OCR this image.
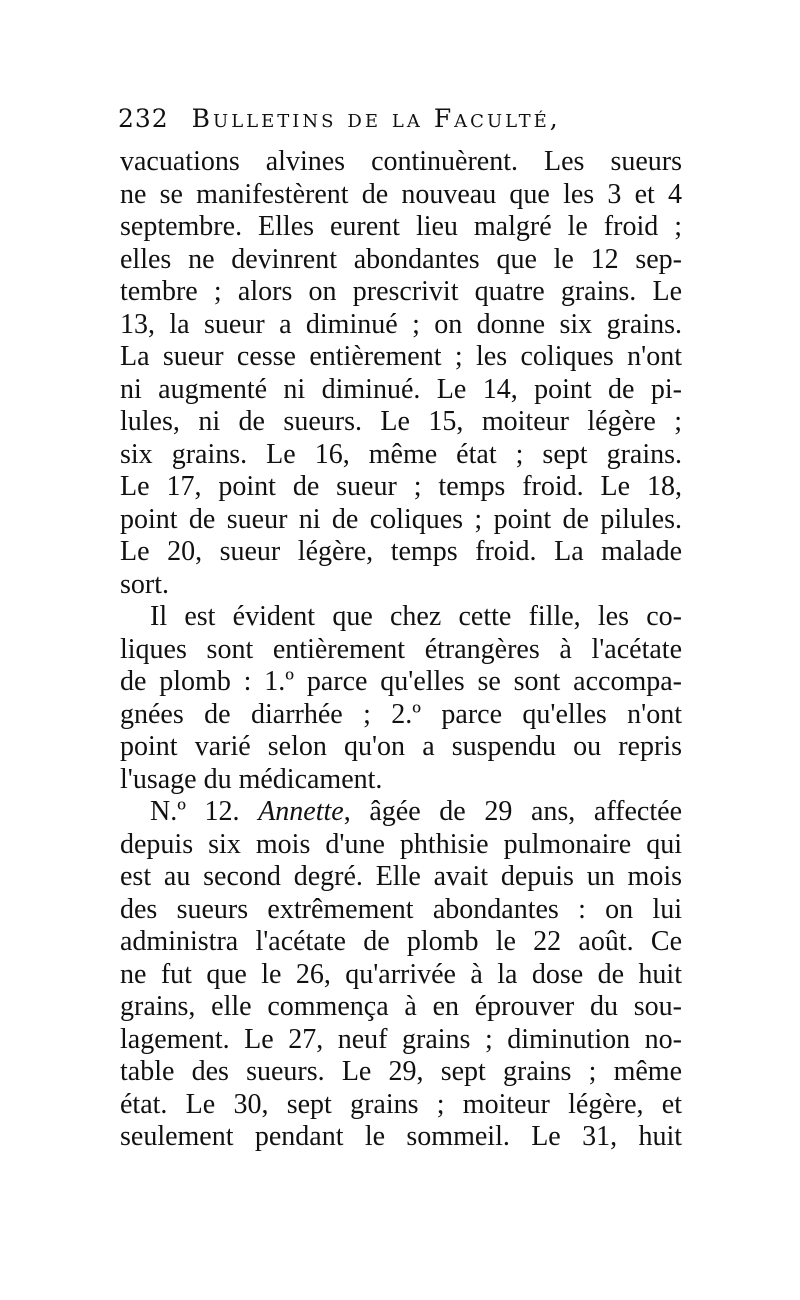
232 Bulletins de la Faculté,
vacuations alvines continuèrent. Les sueurs
ne se manifestèrent de nouveau que les 3 et 4
septembre. Elles eurent lieu malgré le froid ;
elles ne devinrent abondantes que le 12 sep-
tembre ; alors on prescrivit quatre grains. Le
13, la sueur a diminué ; on donne six grains.
La sueur cesse entièrement ; les coliques n'ont
ni augmenté ni diminué. Le 14, point de pi-
lules, ni de sueurs. Le 15, moiteur légère ;
six grains. Le 16, même état ; sept grains.
Le 17, point de sueur ; temps froid. Le 18,
point de sueur ni de coliques ; point de pilules.
Le 20, sueur légère, temps froid. La malade
sort.
Il est évident que chez cette fille, les co-
liques sont entièrement étrangères à l'acétate
de plomb : 1.º parce qu'elles se sont accompa-
gnées de diarrhée ; 2.º parce qu'elles n'ont
point varié selon qu'on a suspendu ou repris
l'usage du médicament.
N.º 12. Annette, âgée de 29 ans, affectée
depuis six mois d'une phthisie pulmonaire qui
est au second degré. Elle avait depuis un mois
des sueurs extrêmement abondantes : on lui
administra l'acétate de plomb le 22 août. Ce
ne fut que le 26, qu'arrivée à la dose de huit
grains, elle commença à en éprouver du sou-
lagement. Le 27, neuf grains ; diminution no-
table des sueurs. Le 29, sept grains ; même
état. Le 30, sept grains ; moiteur légère, et
seulement pendant le sommeil. Le 31, huit
